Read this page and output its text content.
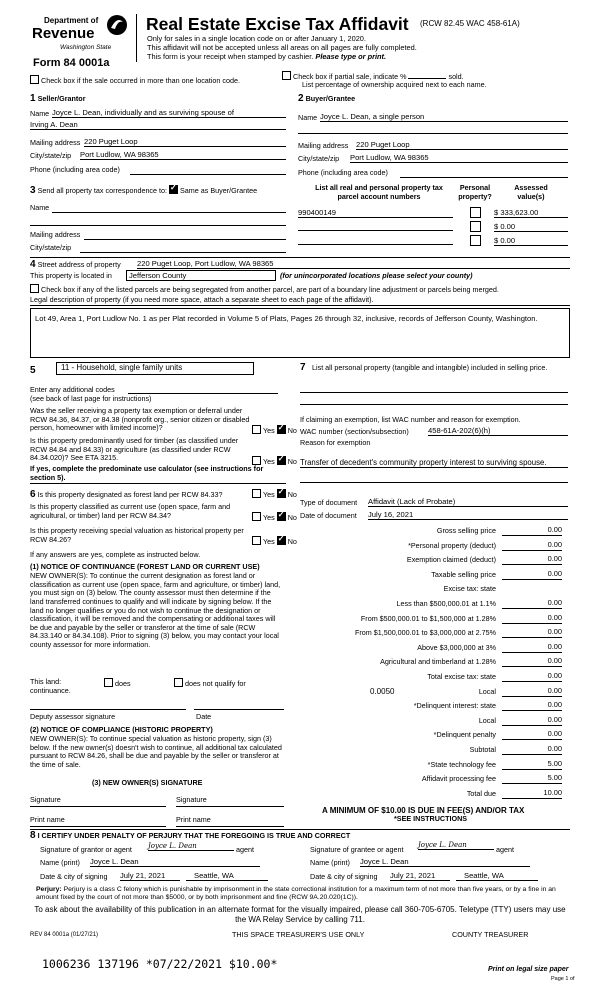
Department of
Revenue
Washington State
Form 84 0001a
Real Estate Excise Tax Affidavit (RCW 82.45 WAC 458-61A)
Only for sales in a single location code on or after January 1, 2020.
This affidavit will not be accepted unless all areas on all pages are fully completed.
This form is your receipt when stamped by cashier. Please type or print.
Check box if the sale occurred in more than one location code.	Check box if partial sale, indicate %	sold.
List percentage of ownership acquired next to each name.
1 Seller/Grantor
Name Joyce L. Dean, individually and as surviving spouse of
Irving A. Dean
Mailing address 220 Puget Loop
City/state/zip Port Ludlow, WA 98365
Phone (including area code)
2 Buyer/Grantee
Name Joyce L. Dean, a single person
Mailing address 220 Puget Loop
City/state/zip Port Ludlow, WA 98365
Phone (including area code)
3 Send all property tax correspondence to: ✓ Same as Buyer/Grantee
Name
Mailing address
City/state/zip
List all real and personal property tax parcel account numbers
Personal property?
Assessed value(s)
990400149	$ 333,623.00
$ 0.00
$ 0.00
4 Street address of property 220 Puget Loop, Port Ludlow, WA 98365
This property is located in	Jefferson County	(for unincorporated locations please select your county)
Check box if any of the listed parcels are being segregated from another parcel, are part of a boundary line adjustment or parcels being merged.
Legal description of property (if you need more space, attach a separate sheet to each page of the affidavit).
Lot 49, Area 1, Port Ludlow No. 1 as per Plat recorded in Volume 5 of Plats, Pages 26 through 32, inclusive, records of Jefferson County, Washington.
5	11 - Household, single family units
Enter any additional codes
(see back of last page for instructions)
Was the seller receiving a property tax exemption or deferral under RCW 84.36, 84.37, or 84.38 (nonprofit org., senior citizen or disabled person, homeowner with limited income)?	Yes ✓ No
Is this property predominantly used for timber (as classified under RCW 84.84 and 84.33) or agriculture (as classified under RCW 84.34.020)? See ETA 3215.	Yes ✓ No
If yes, complete the predominate use calculator (see instructions for section 5).
7 List all personal property (tangible and intangible) included in selling price.
If claiming an exemption, list WAC number and reason for exemption.
WAC number (section/subsection)	458-61A-202(6)(h)
Reason for exemption
Transfer of decedent's community property interest to surviving spouse.
Type of document Affidavit (Lack of Probate)
Date of document July 16, 2021
Gross selling price	0.00
*Personal property (deduct)	0.00
Exemption claimed (deduct)	0.00
Taxable selling price	0.00
Excise tax: state
Less than $500,000.01 at 1.1%	0.00
From $500,000.01 to $1,500,000 at 1.28%	0.00
From $1,500,000.01 to $3,000,000 at 2.75%	0.00
Above $3,000,000 at 3%	0.00
Agricultural and timberland at 1.28%	0.00
Total excise tax: state	0.00
Local
0.0050	0.00
*Delinquent interest: state	0.00
Local	0.00
*Delinquent penalty	0.00
Subtotal	0.00
*State technology fee	5.00
Affidavit processing fee	5.00
Total due	10.00
A MINIMUM OF $10.00 IS DUE IN FEE(S) AND/OR TAX
*SEE INSTRUCTIONS
6 Is this property designated as forest land per RCW 84.33?	Yes ✓ No
Is this property classified as current use (open space, farm and agricultural, or timber) land per RCW 84.34?	Yes ✓ No
Is this property receiving special valuation as historical property per RCW 84.26?	Yes ✓ No
If any answers are yes, complete as instructed below.
(1) NOTICE OF CONTINUANCE (FOREST LAND OR CURRENT USE)
NEW OWNER(S): To continue the current designation as forest land or classification as current use (open space, farm and agriculture, or timber) land, you must sign on (3) below. The county assessor must then determine if the land transferred continues to qualify and will indicate by signing below. If the land no longer qualifies or you do not wish to continue the designation or classification, it will be removed and the compensating or additional taxes will be due and payable by the seller or transferor at the time of sale (RCW 84.33.140 or 84.34.108). Prior to signing (3) below, you may contact your local county assessor for more information.
This land:	does	does not qualify for
continuance.
Deputy assessor signature	Date
(2) NOTICE OF COMPLIANCE (HISTORIC PROPERTY)
NEW OWNER(S): To continue special valuation as historic property, sign (3) below. If the new owner(s) doesn't wish to continue, all additional tax calculated pursuant to RCW 84.26, shall be due and payable by the seller or transferor at the time of sale.
(3) NEW OWNER(S) SIGNATURE
Signature	Signature
Print name	Print name
8 I CERTIFY UNDER PENALTY OF PERJURY THAT THE FOREGOING IS TRUE AND CORRECT
Signature of grantor or agent Joyce L. Dean	agent
Name (print) Joyce L. Dean
Date & city of signing July 21, 2021	Seattle, WA
Signature of grantee or agent Joyce L. Dean	agent
Name (print) Joyce L. Dean
Date & city of signing July 21, 2021	Seattle, WA
Perjury: Perjury is a class C felony which is punishable by imprisonment in the state correctional institution for a maximum term of not more than five years, or by a fine in an amount fixed by the court of not more than $5000, or by both imprisonment and fine (RCW 9A.20.020(1C)).
To ask about the availability of this publication in an alternate format for the visually impaired, please call 360-705-6705. Teletype (TTY) users may use the WA Relay Service by calling 711.
REV 84 0001a (01/27/21)	THIS SPACE TREASURER'S USE ONLY	COUNTY TREASURER
1006236 137196 *07/22/2021 $10.00*	Print on legal size paper
Page 1 of
